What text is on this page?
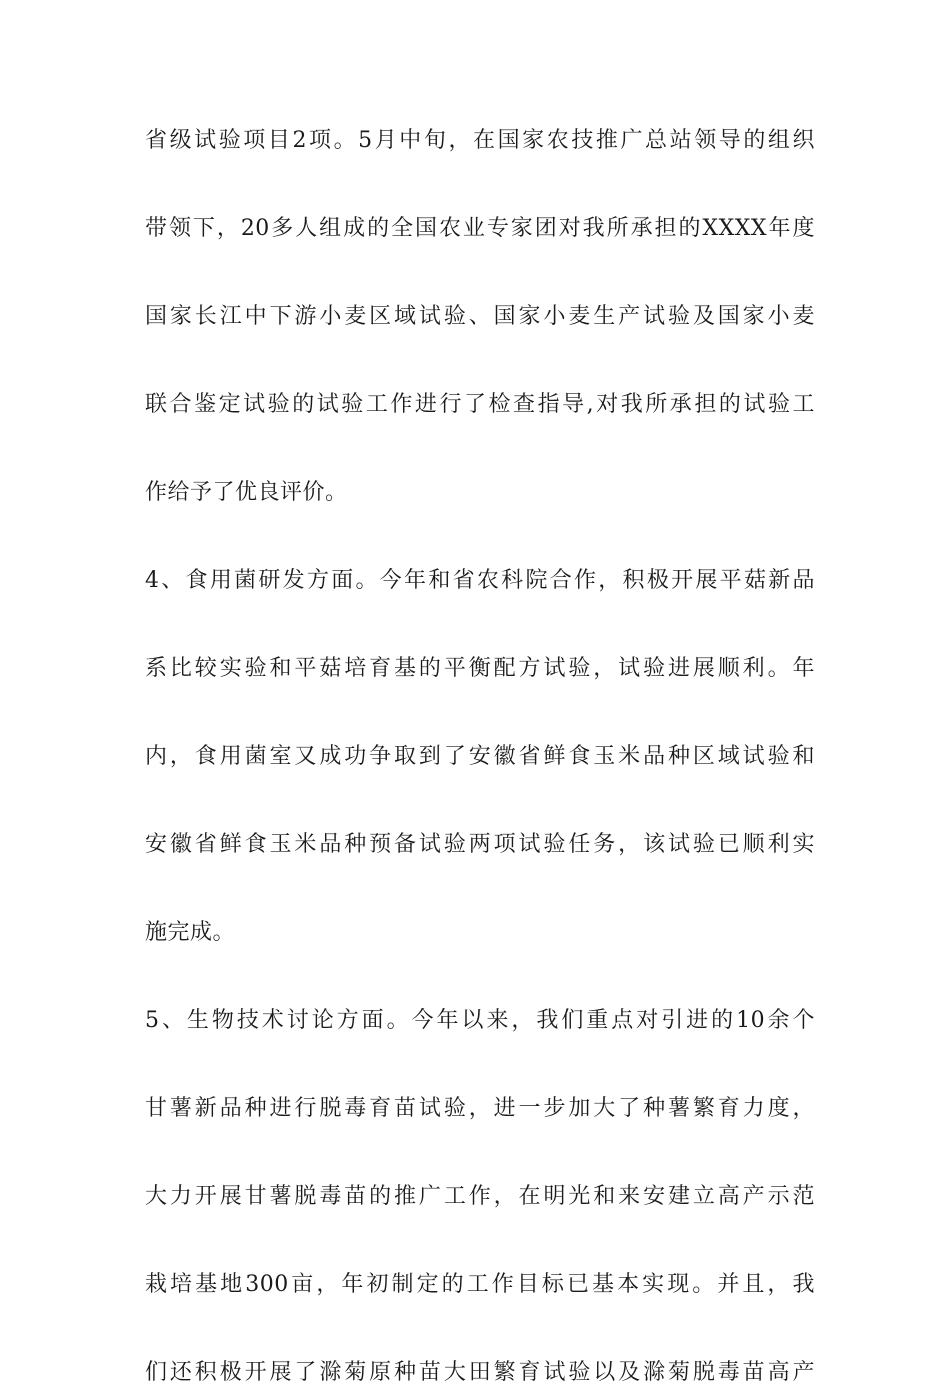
省级试验项目2项。5月中旬，在国家农技推广总站领导的组织
带领下，20多人组成的全国农业专家团对我所承担的XXXX年度
国家长江中下游小麦区域试验、国家小麦生产试验及国家小麦
联合鉴定试验的试验工作进行了检查指导,对我所承担的试验工
作给予了优良评价。
4、食用菌研发方面。今年和省农科院合作，积极开展平菇新品
系比较实验和平菇培育基的平衡配方试验，试验进展顺利。年
内，食用菌室又成功争取到了安徽省鲜食玉米品种区域试验和
安徽省鲜食玉米品种预备试验两项试验任务，该试验已顺利实
施完成。
5、生物技术讨论方面。今年以来，我们重点对引进的10余个
甘薯新品种进行脱毒育苗试验，进一步加大了种薯繁育力度，
大力开展甘薯脱毒苗的推广工作，在明光和来安建立高产示范
栽培基地300亩，年初制定的工作目标已基本实现。并且，我
们还积极开展了滁菊原种苗大田繁育试验以及滁菊脱毒苗高产
